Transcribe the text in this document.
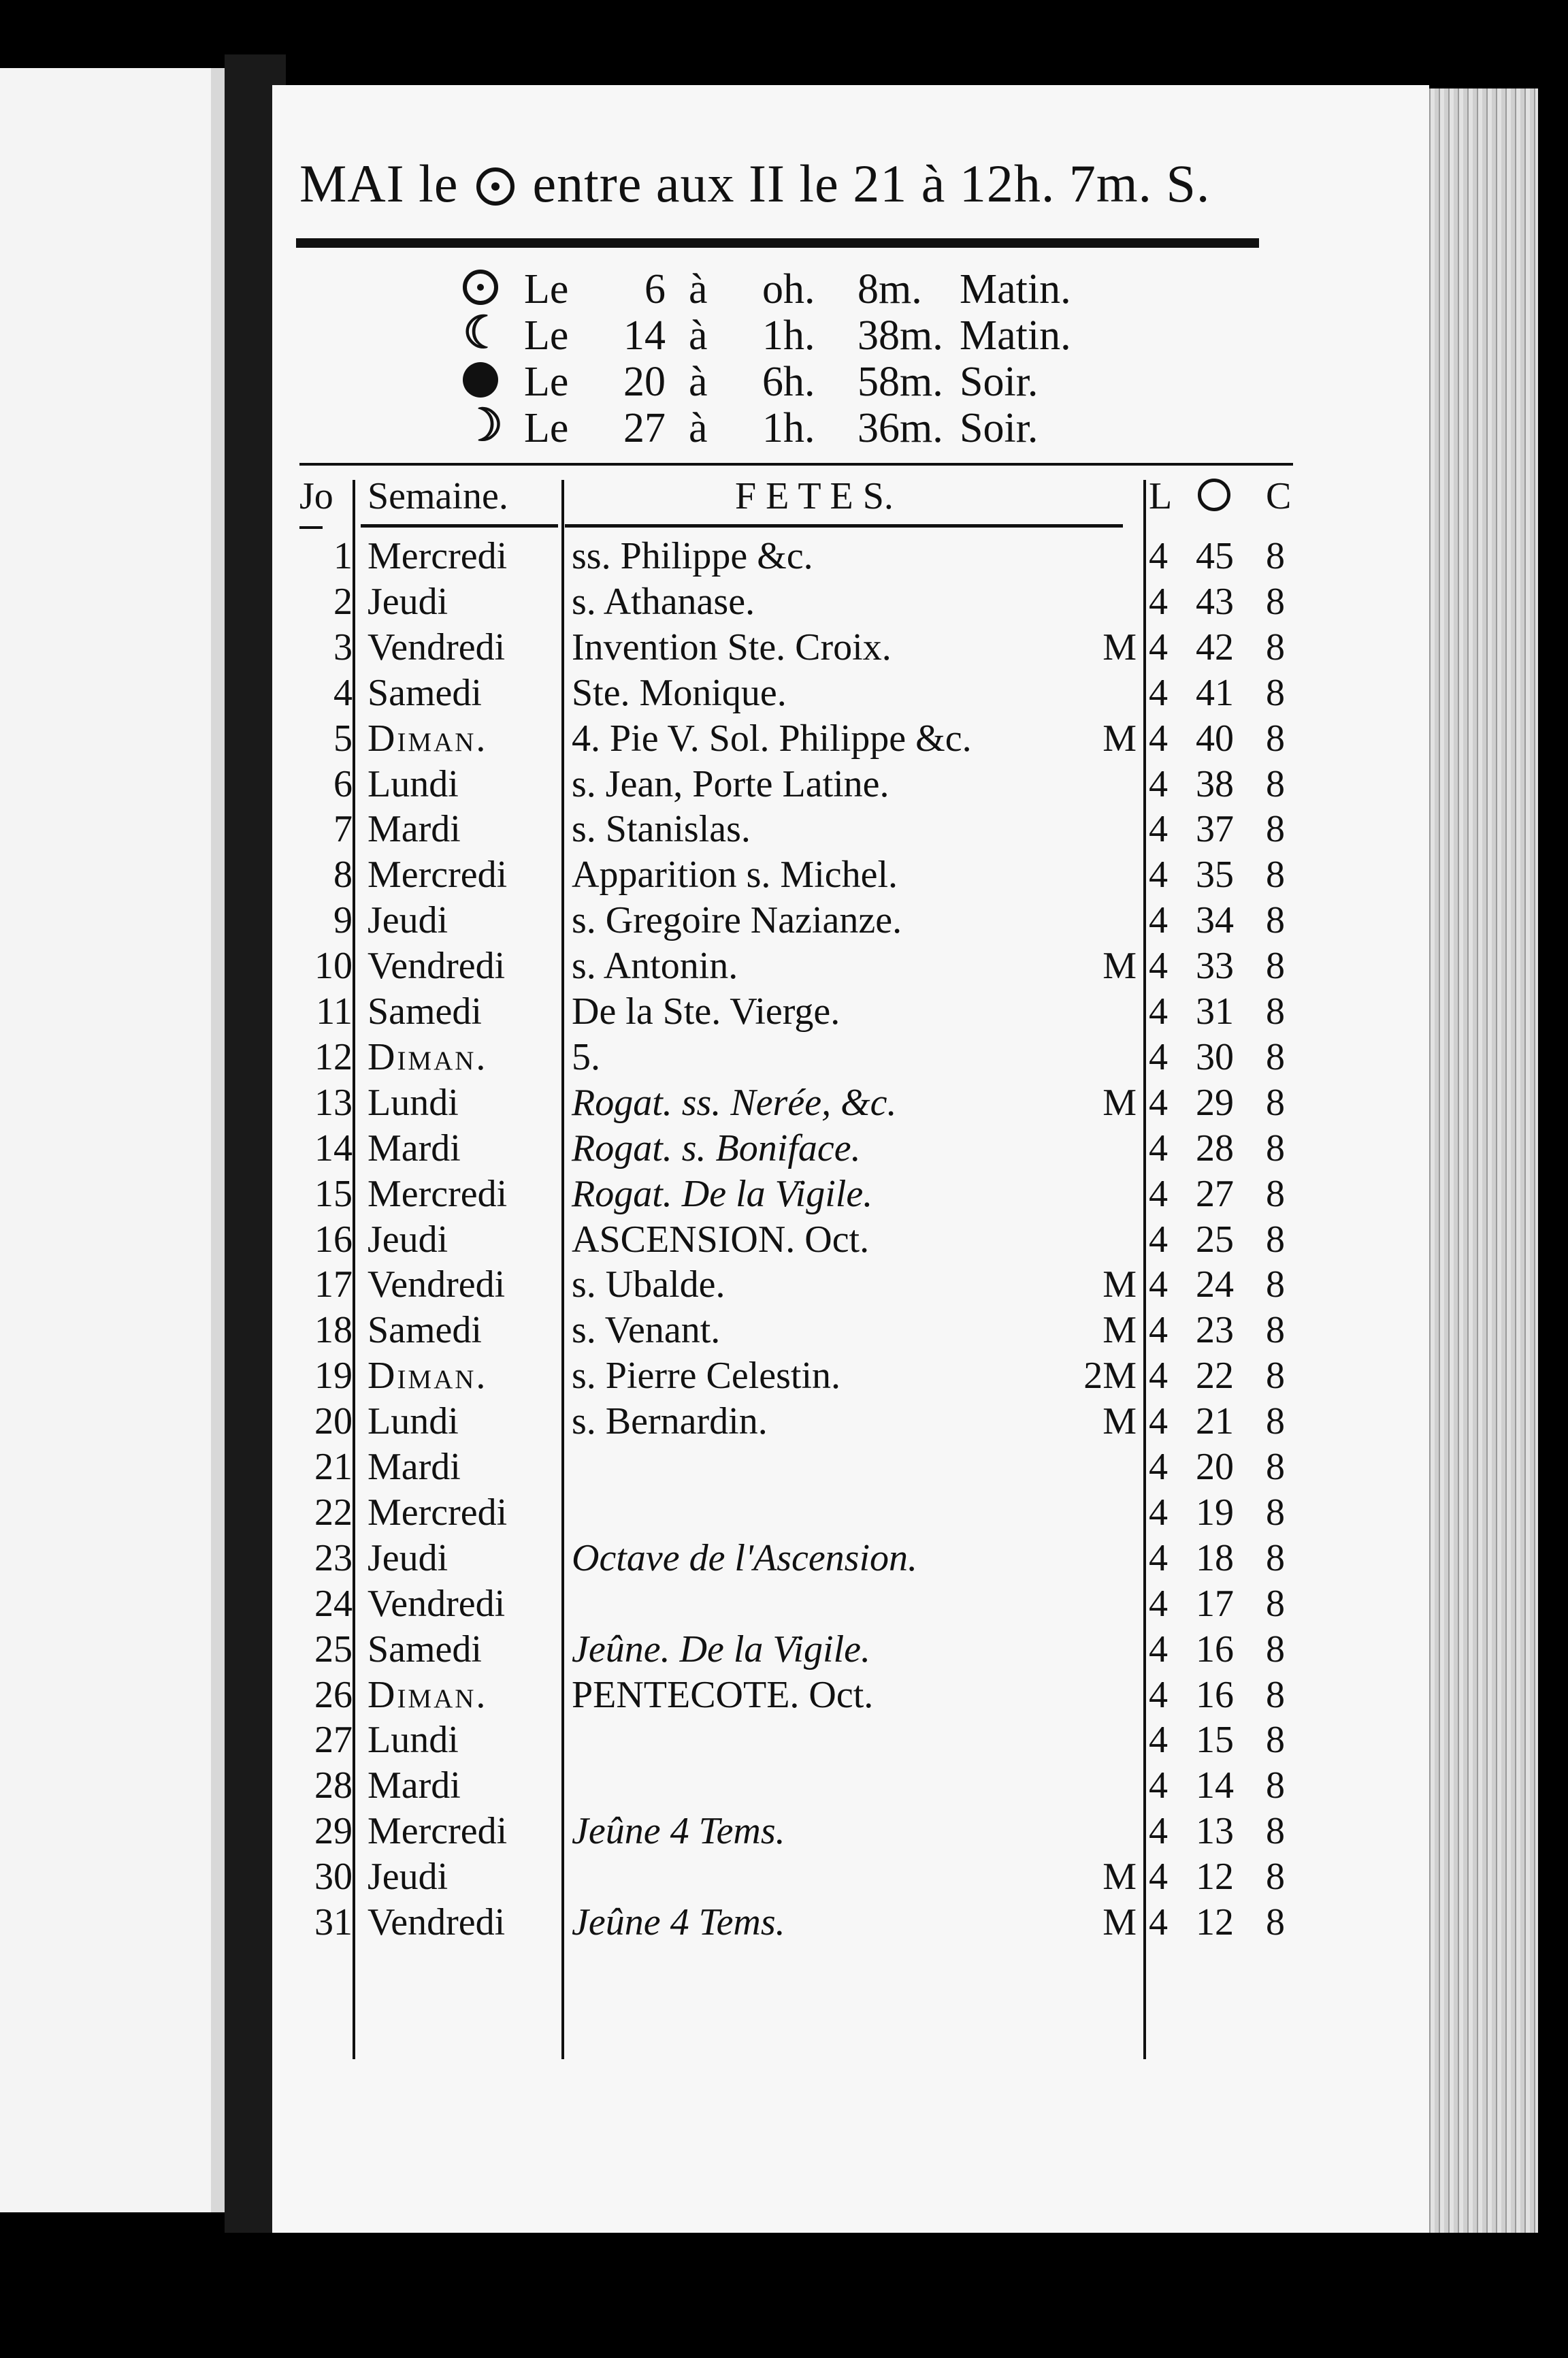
MAI le entre aux II le 21 à 12h. 7m. S.
Le	6 à oh. 8m. Matin.
☾ Le 14 à 1h. 38m. Matin.
Le 20 à 6h. 58m. Soir.
☽ Le 27 à 1h. 36m. Soir.
Jo Semaine.	F E T E S.	L C
1 Mercredi ss. Philippe &c.	4 45 8
2 Jeudi	s. Athanase.	4 43 8
3 Vendredi Invention Ste. Croix.	M 4 42 8
4 Samedi Ste. Monique.	4 41 8
5 Diman. 4. Pie V. Sol. Philippe &c.	M 4 40 8
6 Lundi	s. Jean, Porte Latine.	4 38 8
7 Mardi	s. Stanislas.	4 37 8
8 Mercredi Apparition s. Michel.	4 35 8
9 Jeudi	s. Gregoire Nazianze.	4 34 8
10 Vendredi s. Antonin.	M 4 33 8
11 Samedi De la Ste. Vierge.	4 31 8
12 Diman. 5.	4 30 8
13 Lundi	Rogat. ss. Nerée, &c.	M 4 29 8
14 Mardi	Rogat. s. Boniface.	4 28 8
15 Mercredi Rogat. De la Vigile.	4 27 8
16 Jeudi	ASCENSION. Oct.	4 25 8
17 Vendredi s. Ubalde.	M 4 24 8
18 Samedi s. Venant.	M 4 23 8
19 Diman. s. Pierre Celestin.	2M 4 22 8
20 Lundi	s. Bernardin.	M 4 21 8
21 Mardi	4 20 8
22 Mercredi	4 19 8
23 Jeudi	Octave de l'Ascension.	4 18 8
24 Vendredi	4 17 8
25 Samedi Jeûne. De la Vigile.	4 16 8
26 Diman. PENTECOTE. Oct.	4 16 8
27 Lundi	4 15 8
28 Mardi	4 14 8
29 Mercredi Jeûne 4 Tems.	4 13 8
30 Jeudi	M 4 12 8
31 Vendredi Jeûne 4 Tems.	M 4 12 8
